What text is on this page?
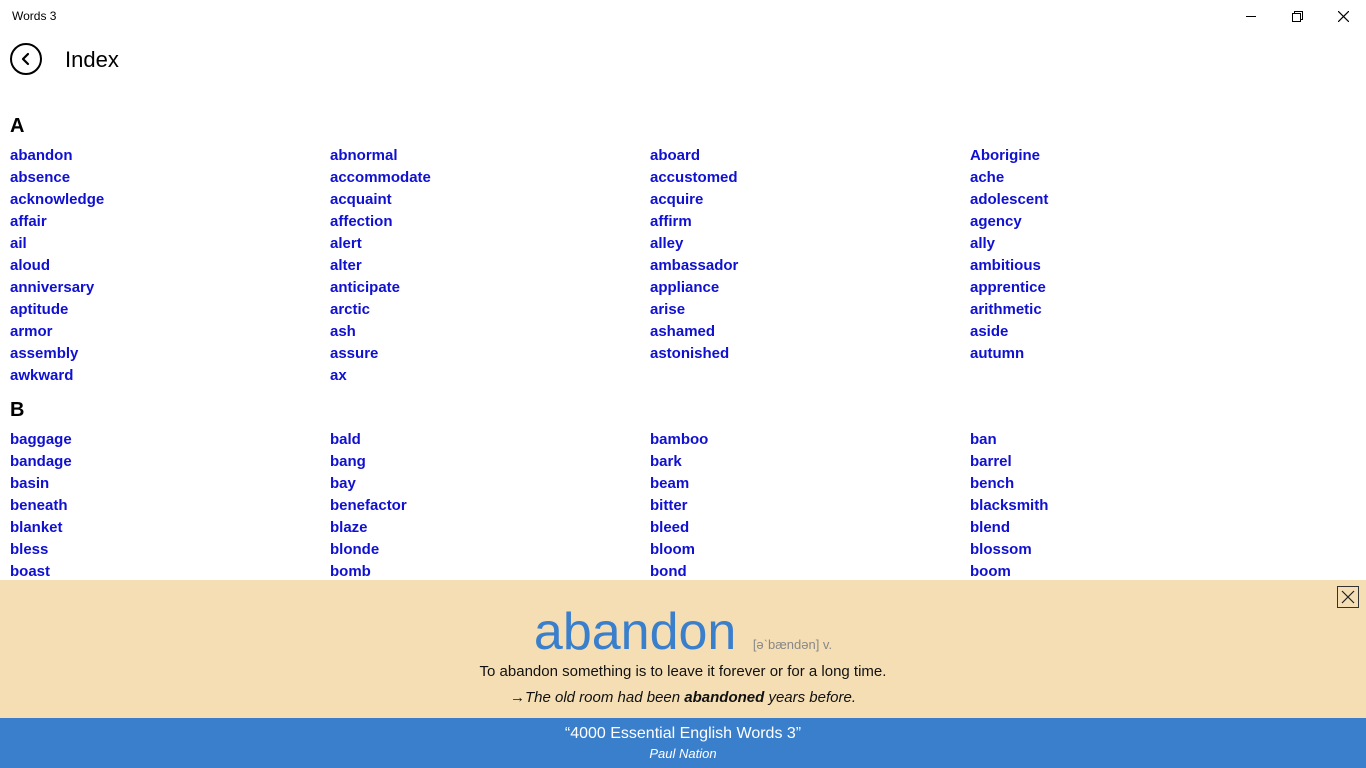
Words 3
Index
A
abandon
absence
acknowledge
affair
ail
aloud
anniversary
aptitude
armor
assembly
awkward
abnormal
accommodate
acquaint
affection
alert
alter
anticipate
arctic
ash
assure
ax
aboard
accustomed
acquire
affirm
alley
ambassador
appliance
arise
ashamed
astonished
Aborigine
ache
adolescent
agency
ally
ambitious
apprentice
arithmetic
aside
autumn
B
baggage
bandage
basin
beneath
blanket
bless
boast
bald
bang
bay
benefactor
blaze
blonde
bomb
bamboo
bark
beam
bitter
bleed
bloom
bond
ban
barrel
bench
blacksmith
blend
blossom
boom
abandon [əˋbændən] v.
To abandon something is to leave it forever or for a long time.
→The old room had been abandoned years before.
“4000 Essential English Words 3”
Paul Nation
